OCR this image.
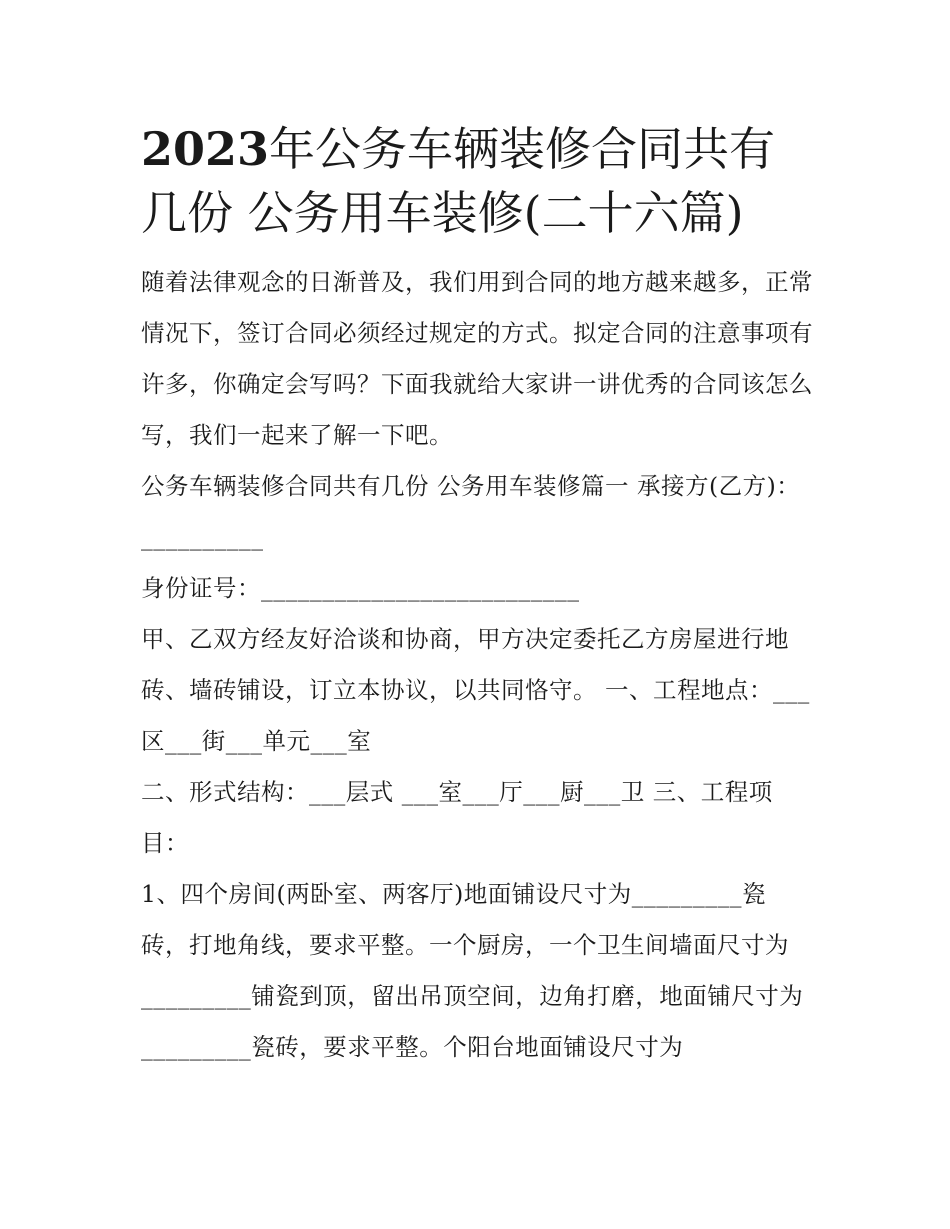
2023年公务车辆装修合同共有几份 公务用车装修(二十六篇)

随着法律观念的日渐普及，我们用到合同的地方越来越多，正常情况下，签订合同必须经过规定的方式。拟定合同的注意事项有许多，你确定会写吗？下面我就给大家讲一讲优秀的合同该怎么写，我们一起来了解一下吧。

公务车辆装修合同共有几份 公务用车装修篇一 承接方(乙方)：__________

身份证号：__________________________

甲、乙双方经友好洽谈和协商，甲方决定委托乙方房屋进行地砖、墙砖铺设，订立本协议，以共同恪守。 一、工程地点：___区___街___单元___室

二、形式结构：___层式 ___室___厅___厨___卫 三、工程项目：

1、四个房间(两卧室、两客厅)地面铺设尺寸为_________瓷砖，打地角线，要求平整。一个厨房，一个卫生间墙面尺寸为_________铺瓷到顶，留出吊顶空间，边角打磨，地面铺尺寸为_________瓷砖，要求平整。个阳台地面铺设尺寸为
